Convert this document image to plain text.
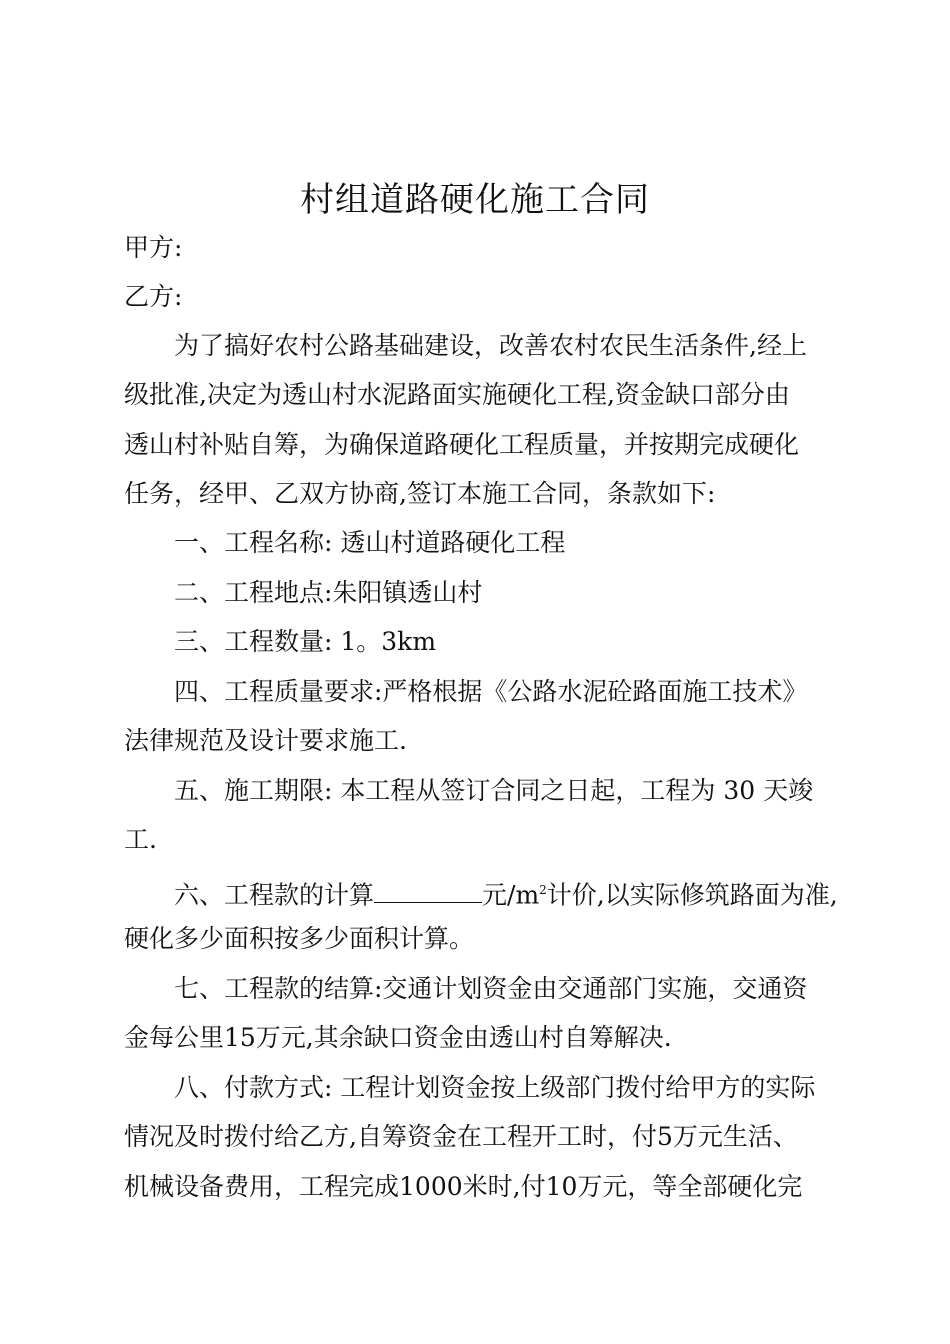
村组道路硬化施工合同
甲方:
乙方:
为了搞好农村公路基础建设，改善农村农民生活条件,经上
级批准,决定为透山村水泥路面实施硬化工程,资金缺口部分由
透山村补贴自筹，为确保道路硬化工程质量，并按期完成硬化
任务，经甲、乙双方协商,签订本施工合同，条款如下:
一、工程名称: 透山村道路硬化工程
二、工程地点:朱阳镇透山村
三、工程数量: 1。3km
四、工程质量要求:严格根据《公路水泥砼路面施工技术》
法律规范及设计要求施工.
五、施工期限: 本工程从签订合同之日起，工程为 30 天竣
工.
六、工程款的计算	元$/m^2$计价,以实际修筑路面为准,
硬化多少面积按多少面积计算。
七、工程款的结算:交通计划资金由交通部门实施，交通资
金每公里15万元,其余缺口资金由透山村自筹解决.
八、付款方式: 工程计划资金按上级部门拨付给甲方的实际
情况及时拨付给乙方,自筹资金在工程开工时，付5万元生活、
机械设备费用，工程完成1000米时,付10万元，等全部硬化完
